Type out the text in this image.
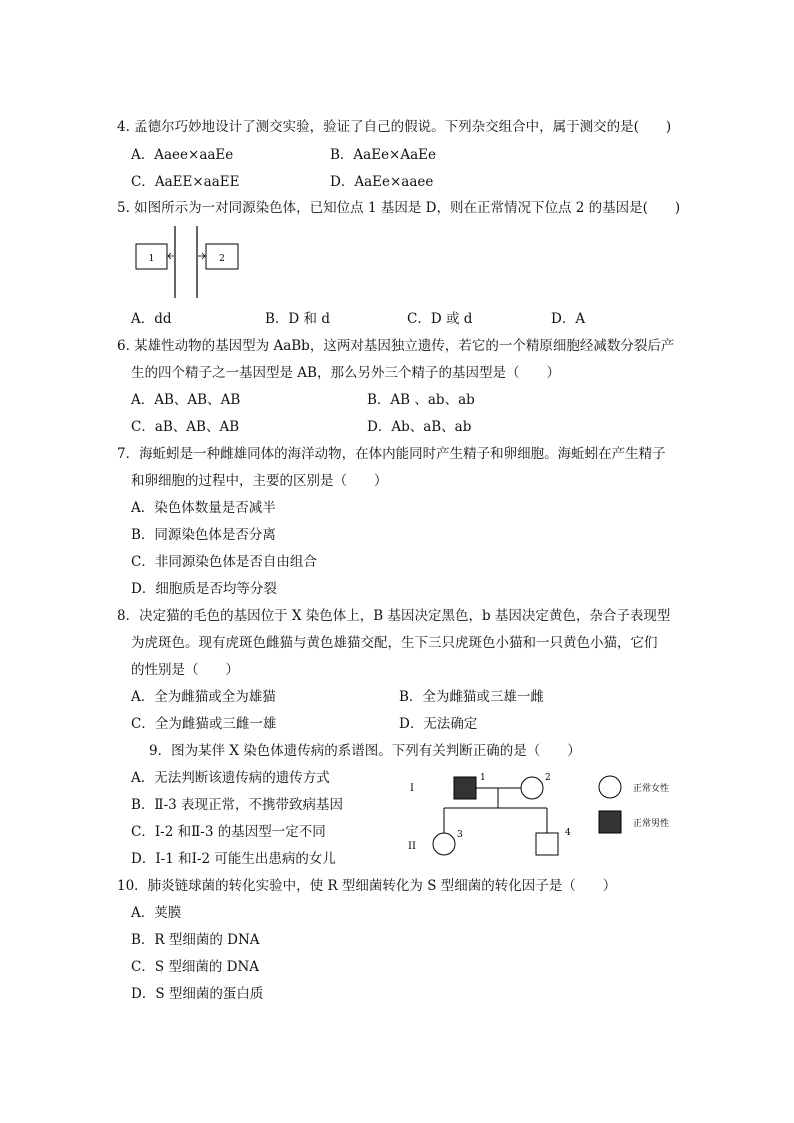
4. 孟德尔巧妙地设计了测交实验，验证了自己的假说。下列杂交组合中，属于测交的是(　　)
A．Aaee×aaEe	B．AaEe×AaEe
C．AaEE×aaEE	D．AaEe×aaee
5. 如图所示为一对同源染色体，已知位点 1 基因是 D，则在正常情况下位点 2 的基因是(　　)
1	2
A．dd	B．D 和 d	C．D 或 d	D．A
6. 某雄性动物的基因型为 AaBb，这两对基因独立遗传，若它的一个精原细胞经减数分裂后产
生的四个精子之一基因型是 AB，那么另外三个精子的基因型是（　　）
A．AB、AB、AB	B．AB 、ab、ab
C．aB、AB、AB	D．Ab、aB、ab
7．海蚯蚓是一种雌雄同体的海洋动物，在体内能同时产生精子和卵细胞。海蚯蚓在产生精子
和卵细胞的过程中，主要的区别是（　　）
A．染色体数量是否减半
B．同源染色体是否分离
C．非同源染色体是否自由组合
D．细胞质是否均等分裂
8．决定猫的毛色的基因位于 X 染色体上，B 基因决定黑色，b 基因决定黄色，杂合子表现型
为虎斑色。现有虎斑色雌猫与黄色雄猫交配，生下三只虎斑色小猫和一只黄色小猫，它们
的性别是（　　）
A．全为雌猫或全为雄猫	B．全为雌猫或三雄一雌
C．全为雌猫或三雌一雄	D．无法确定
9．图为某伴 X 染色体遗传病的系谱图。下列有关判断正确的是（　　）
A．无法判断该遗传病的遗传方式
B．Ⅱ-3 表现正常，不携带致病基因
C．Ⅰ-2 和Ⅱ-3 的基因型一定不同
D．Ⅰ-1 和Ⅰ-2 可能生出患病的女儿
I
II
1	2
3	4
正常女性
正常男性
10．肺炎链球菌的转化实验中，使 R 型细菌转化为 S 型细菌的转化因子是（　　）
A．荚膜
B．R 型细菌的 DNA
C．S 型细菌的 DNA
D．S 型细菌的蛋白质
